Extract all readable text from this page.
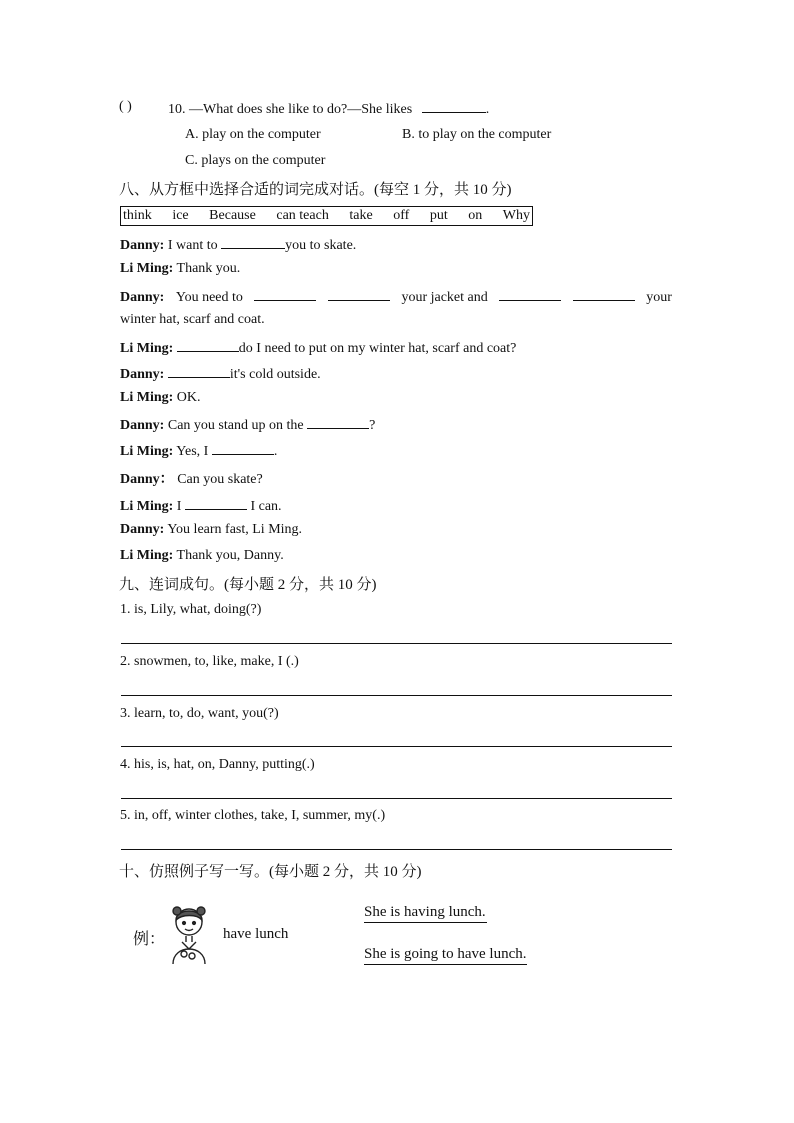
( )	10. —What does she like to do?—She likes	.
A. play on the computer	B. to play on the computer
C. plays on the computer
八、从方框中选择合适的词完成对话。(每空 1 分，共 10 分)
think ice Because can teach take off put on Why
Danny: I want to	you to skate.
Li Ming: Thank you.
Danny: You need to	your jacket and	your
winter hat, scarf and coat.
Li Ming:	do I need to put on my winter hat, scarf and coat?
Danny:	it's cold outside.
Li Ming: OK.
Danny: Can you stand up on the	?
Li Ming: Yes, I	.
Danny： Can you skate?
Li Ming: I	I can.
Danny: You learn fast, Li Ming.
Li Ming: Thank you, Danny.
九、连词成句。(每小题 2 分，共 10 分)
1. is, Lily, what, doing(?)
2. snowmen, to, like, make, I (.)
3. learn, to, do, want, you(?)
4. his, is, hat, on, Danny, putting(.)
5. in, off, winter clothes, take, I, summer, my(.)
十、仿照例子写一写。(每小题 2 分，共 10 分)
例：	have lunch
She is having lunch.
She is going to have lunch.
